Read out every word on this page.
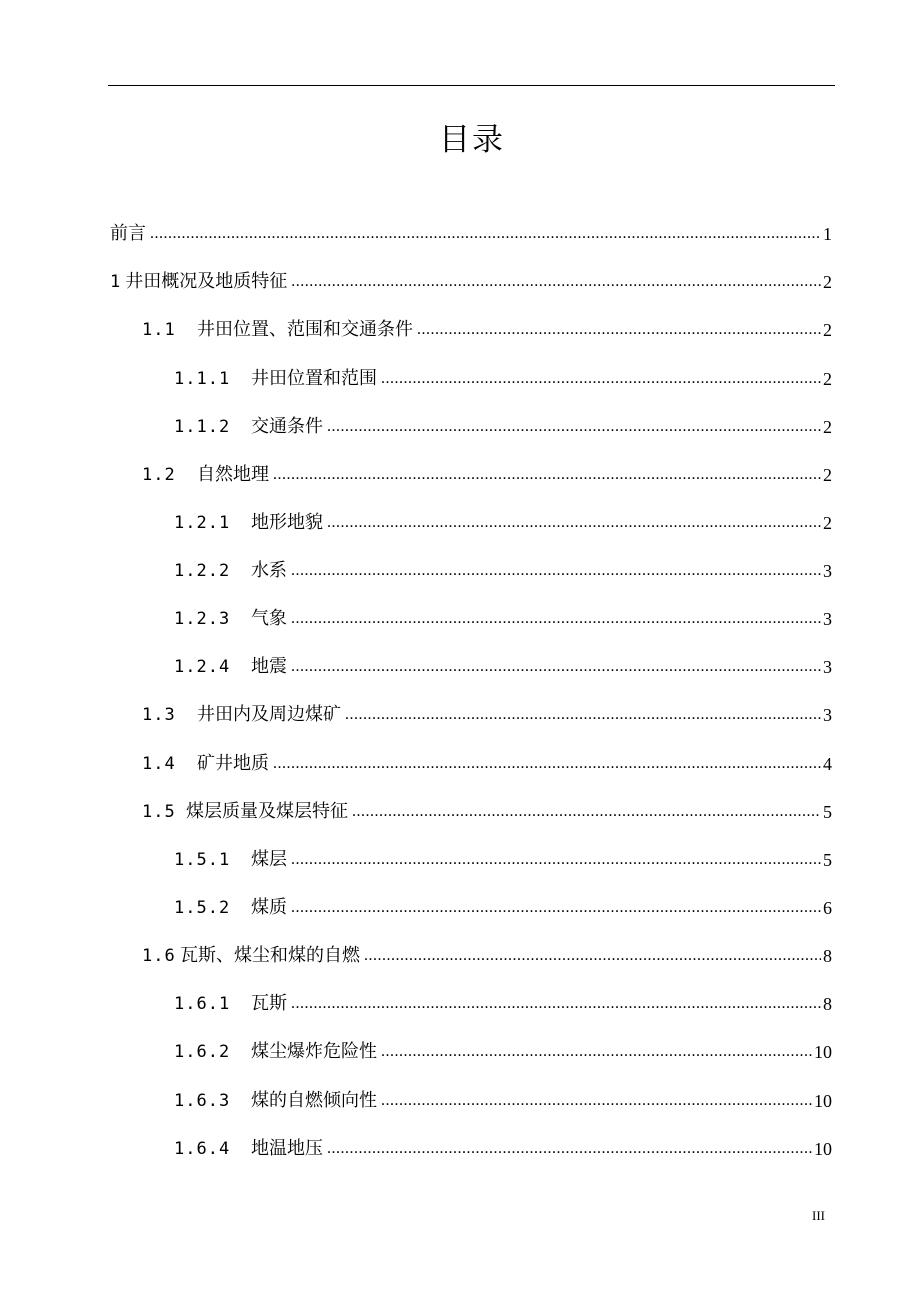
目录
前言 .....	1
1 井田概况及地质特征 .....	2
1.1	井田位置、范围和交通条件 .....	2
1.1.1	井田位置和范围 .....	2
1.1.2	交通条件 .....	2
1.2	自然地理 .....	2
1.2.1	地形地貌 .....	2
1.2.2	水系 .....	3
1.2.3	气象 .....	3
1.2.4	地震 .....	3
1.3	井田内及周边煤矿 .....	3
1.4	矿井地质 .....	4
1.5 煤层质量及煤层特征 .....	5
1.5.1	煤层 .....	5
1.5.2	煤质 .....	6
1.6 瓦斯、煤尘和煤的自燃 .....	8
1.6.1	瓦斯 .....	8
1.6.2	煤尘爆炸危险性 .....	10
1.6.3	煤的自燃倾向性 .....	10
1.6.4	地温地压 .....	10
III
